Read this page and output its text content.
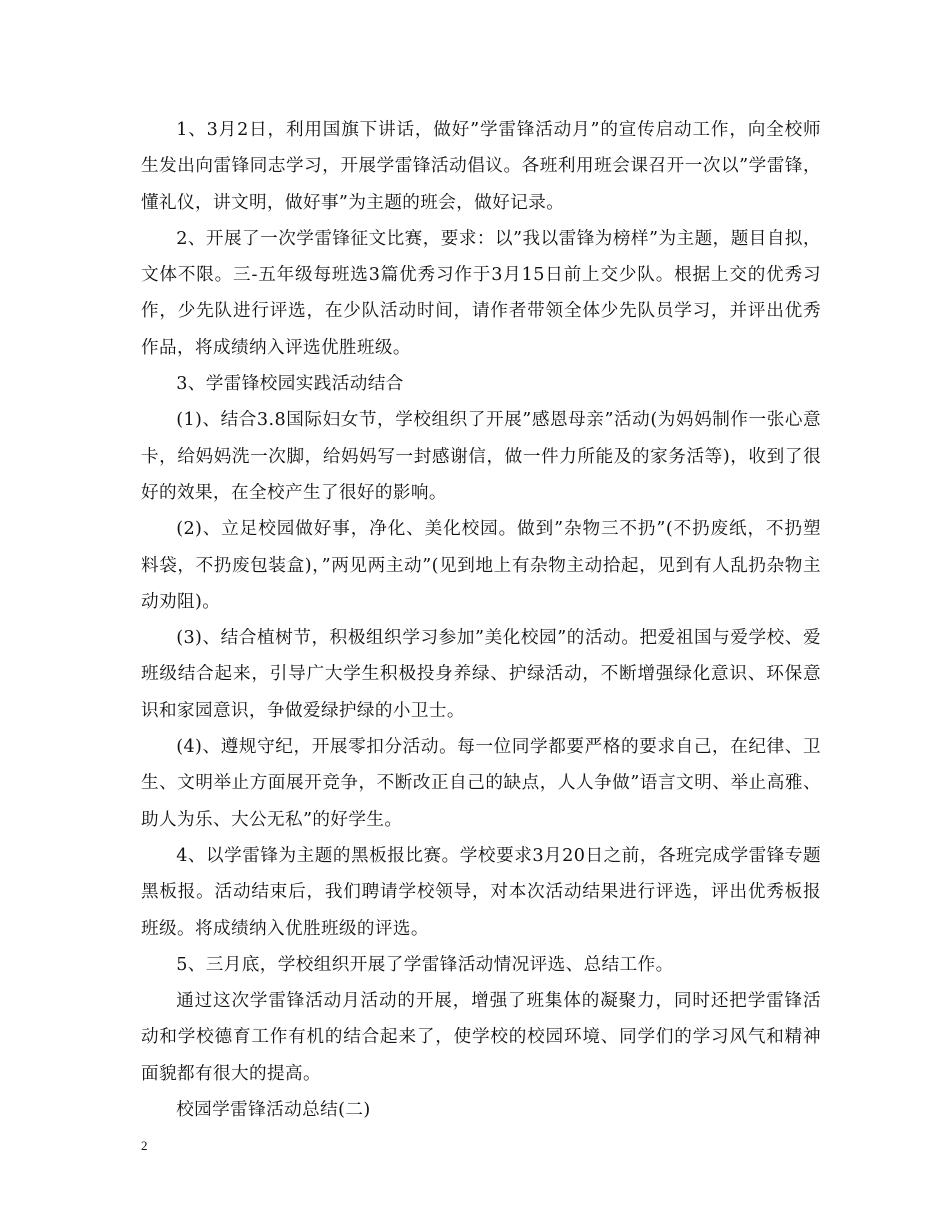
1、3月2日，利用国旗下讲话，做好”学雷锋活动月”的宣传启动工作，向全校师生发出向雷锋同志学习，开展学雷锋活动倡议。各班利用班会课召开一次以”学雷锋，懂礼仪，讲文明，做好事”为主题的班会，做好记录。

2、开展了一次学雷锋征文比赛，要求：以”我以雷锋为榜样”为主题，题目自拟，文体不限。三-五年级每班选3篇优秀习作于3月15日前上交少队。根据上交的优秀习作，少先队进行评选，在少队活动时间，请作者带领全体少先队员学习，并评出优秀作品，将成绩纳入评选优胜班级。

3、学雷锋校园实践活动结合

(1)、结合3.8国际妇女节，学校组织了开展”感恩母亲”活动(为妈妈制作一张心意卡，给妈妈洗一次脚，给妈妈写一封感谢信，做一件力所能及的家务活等)，收到了很好的效果，在全校产生了很好的影响。

(2)、立足校园做好事，净化、美化校园。做到”杂物三不扔”(不扔废纸，不扔塑料袋，不扔废包装盒)，”两见两主动”(见到地上有杂物主动拾起，见到有人乱扔杂物主动劝阻)。

(3)、结合植树节，积极组织学习参加”美化校园”的活动。把爱祖国与爱学校、爱班级结合起来，引导广大学生积极投身养绿、护绿活动，不断增强绿化意识、环保意识和家园意识，争做爱绿护绿的小卫士。

(4)、遵规守纪，开展零扣分活动。每一位同学都要严格的要求自己，在纪律、卫生、文明举止方面展开竞争，不断改正自己的缺点，人人争做”语言文明、举止高雅、助人为乐、大公无私”的好学生。

4、以学雷锋为主题的黑板报比赛。学校要求3月20日之前，各班完成学雷锋专题黑板报。活动结束后，我们聘请学校领导，对本次活动结果进行评选，评出优秀板报班级。将成绩纳入优胜班级的评选。

5、三月底，学校组织开展了学雷锋活动情况评选、总结工作。

通过这次学雷锋活动月活动的开展，增强了班集体的凝聚力，同时还把学雷锋活动和学校德育工作有机的结合起来了，使学校的校园环境、同学们的学习风气和精神面貌都有很大的提高。

校园学雷锋活动总结(二)

2
